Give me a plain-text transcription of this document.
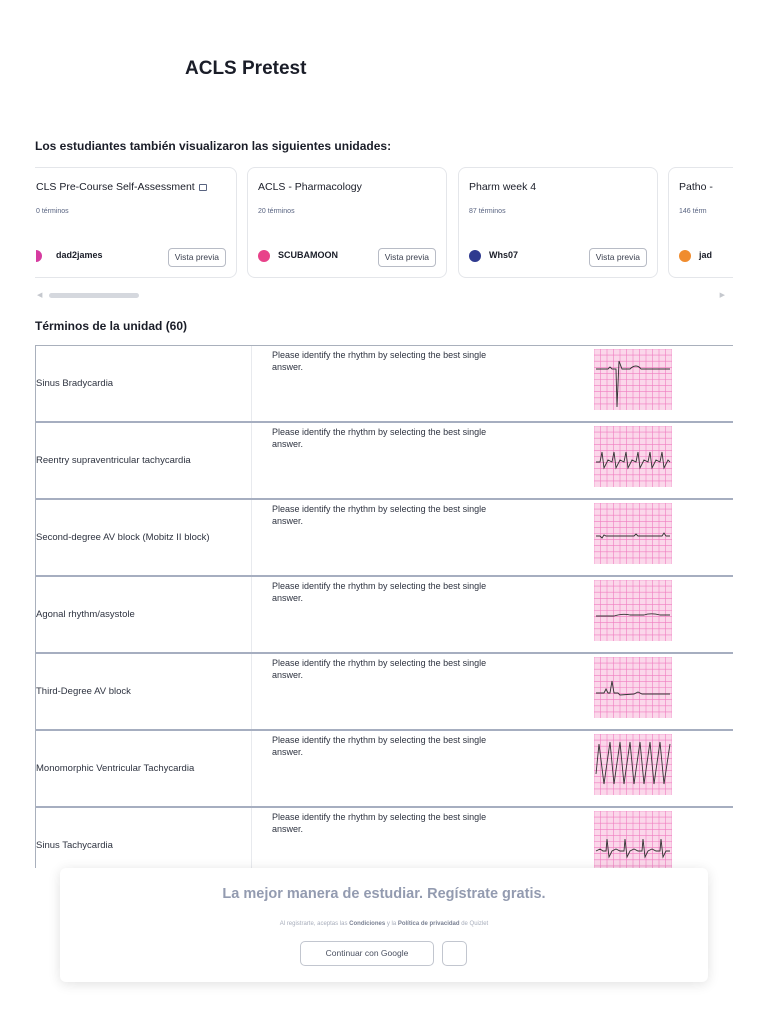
ACLS Pretest
Los estudiantes también visualizaron las siguientes unidades:
CLS Pre-Course Self-Assessment
0 términos
dad2james	Vista previa
ACLS - Pharmacology
20 términos
SCUBAMOON	Vista previa
Pharm week 4
87 términos
Whs07	Vista previa
Patho -
146 térm
jad
◀	▶
Términos de la unidad (60)
Sinus Bradycardia
Please identify the rhythm by selecting the best single answer.
Reentry supraventricular tachycardia
Please identify the rhythm by selecting the best single answer.
Second-degree AV block (Mobitz II block)
Please identify the rhythm by selecting the best single answer.
Agonal rhythm/asystole
Please identify the rhythm by selecting the best single answer.
Third-Degree AV block
Please identify the rhythm by selecting the best single answer.
Monomorphic Ventricular Tachycardia
Please identify the rhythm by selecting the best single answer.
Sinus Tachycardia
Please identify the rhythm by selecting the best single answer.
La mejor manera de estudiar. Regístrate gratis.
Al registrarte, aceptas las Condiciones y la Política de privacidad de Quizlet
Continuar con Google
